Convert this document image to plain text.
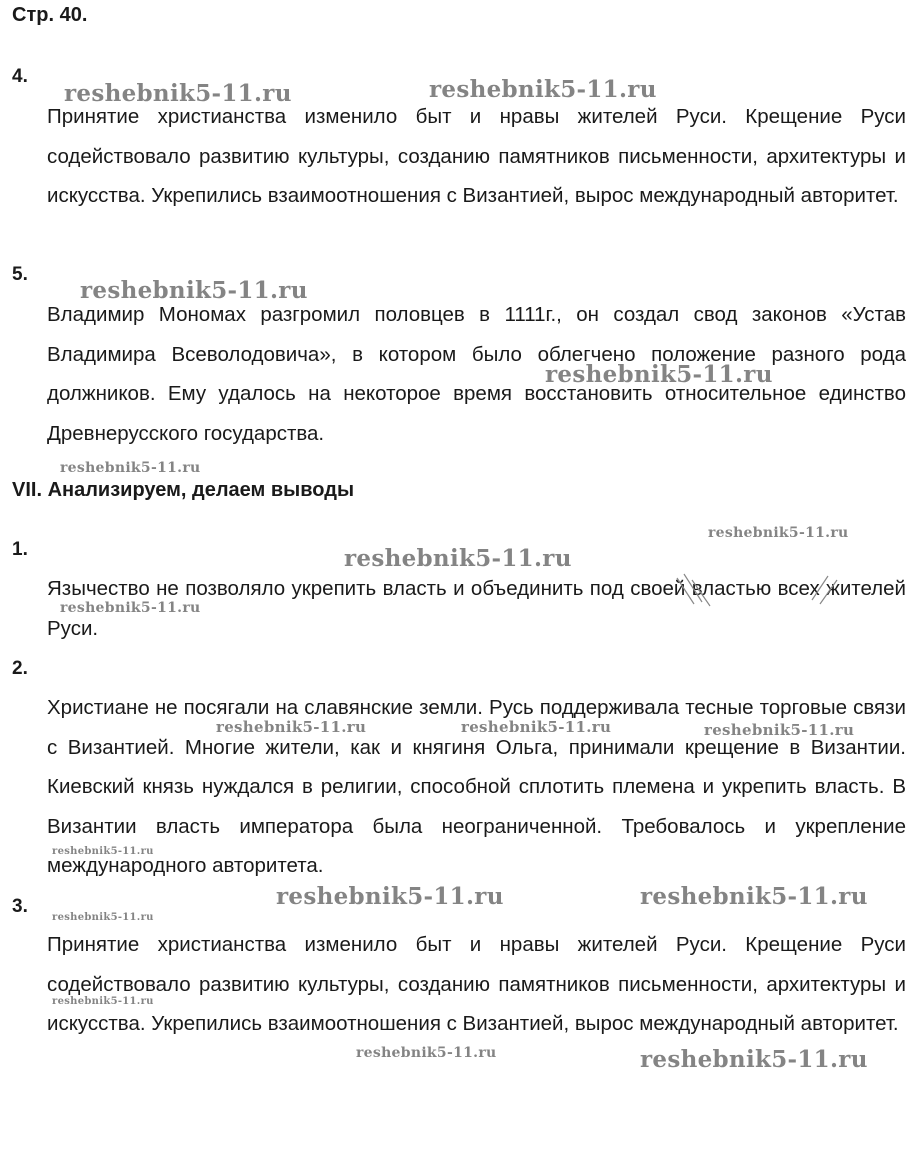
Стр. 40.
4.

Принятие христианства изменило быт и нравы жителей Руси. Крещение Руси содействовало развитию культуры, созданию памятников письменности, архитектуры и искусства. Укрепились взаимоотношения с Византией, вырос международный авторитет.

5.

Владимир Мономах разгромил половцев в 1111г., он создал свод законов «Устав Владимира Всеволодовича», в котором было облегчено положение разного рода должников. Ему удалось на некоторое время восстановить относительное единство Древнерусского государства.

VII. Анализируем, делаем выводы
1.

Язычество не позволяло укрепить власть и объединить под своей властью всех жителей Руси.

2.

Христиане не посягали на славянские земли. Русь поддерживала тесные торговые связи с Византией. Многие жители, как и княгиня Ольга, принимали крещение в Византии. Киевский князь нуждался в религии, способной сплотить племена и укрепить власть. В Византии власть императора была неограниченной. Требовалось и укрепление международного авторитета.

3.

Принятие христианства изменило быт и нравы жителей Руси. Крещение Руси содействовало развитию культуры, созданию памятников письменности, архитектуры и искусства. Укрепились взаимоотношения с Византией, вырос международный авторитет.

reshebnik5-11.ru	reshebnik5-11.ru
reshebnik5-11.ru
reshebnik5-11.ru
reshebnik5-11.ru
reshebnik5-11.ru
reshebnik5-11.ru
reshebnik5-11.ru
reshebnik5-11.ru	reshebnik5-11.ru	reshebnik5-11.ru
reshebnik5-11.ru
reshebnik5-11.ru	reshebnik5-11.ru
reshebnik5-11.ru
reshebnik5-11.ru
reshebnik5-11.ru	reshebnik5-11.ru
